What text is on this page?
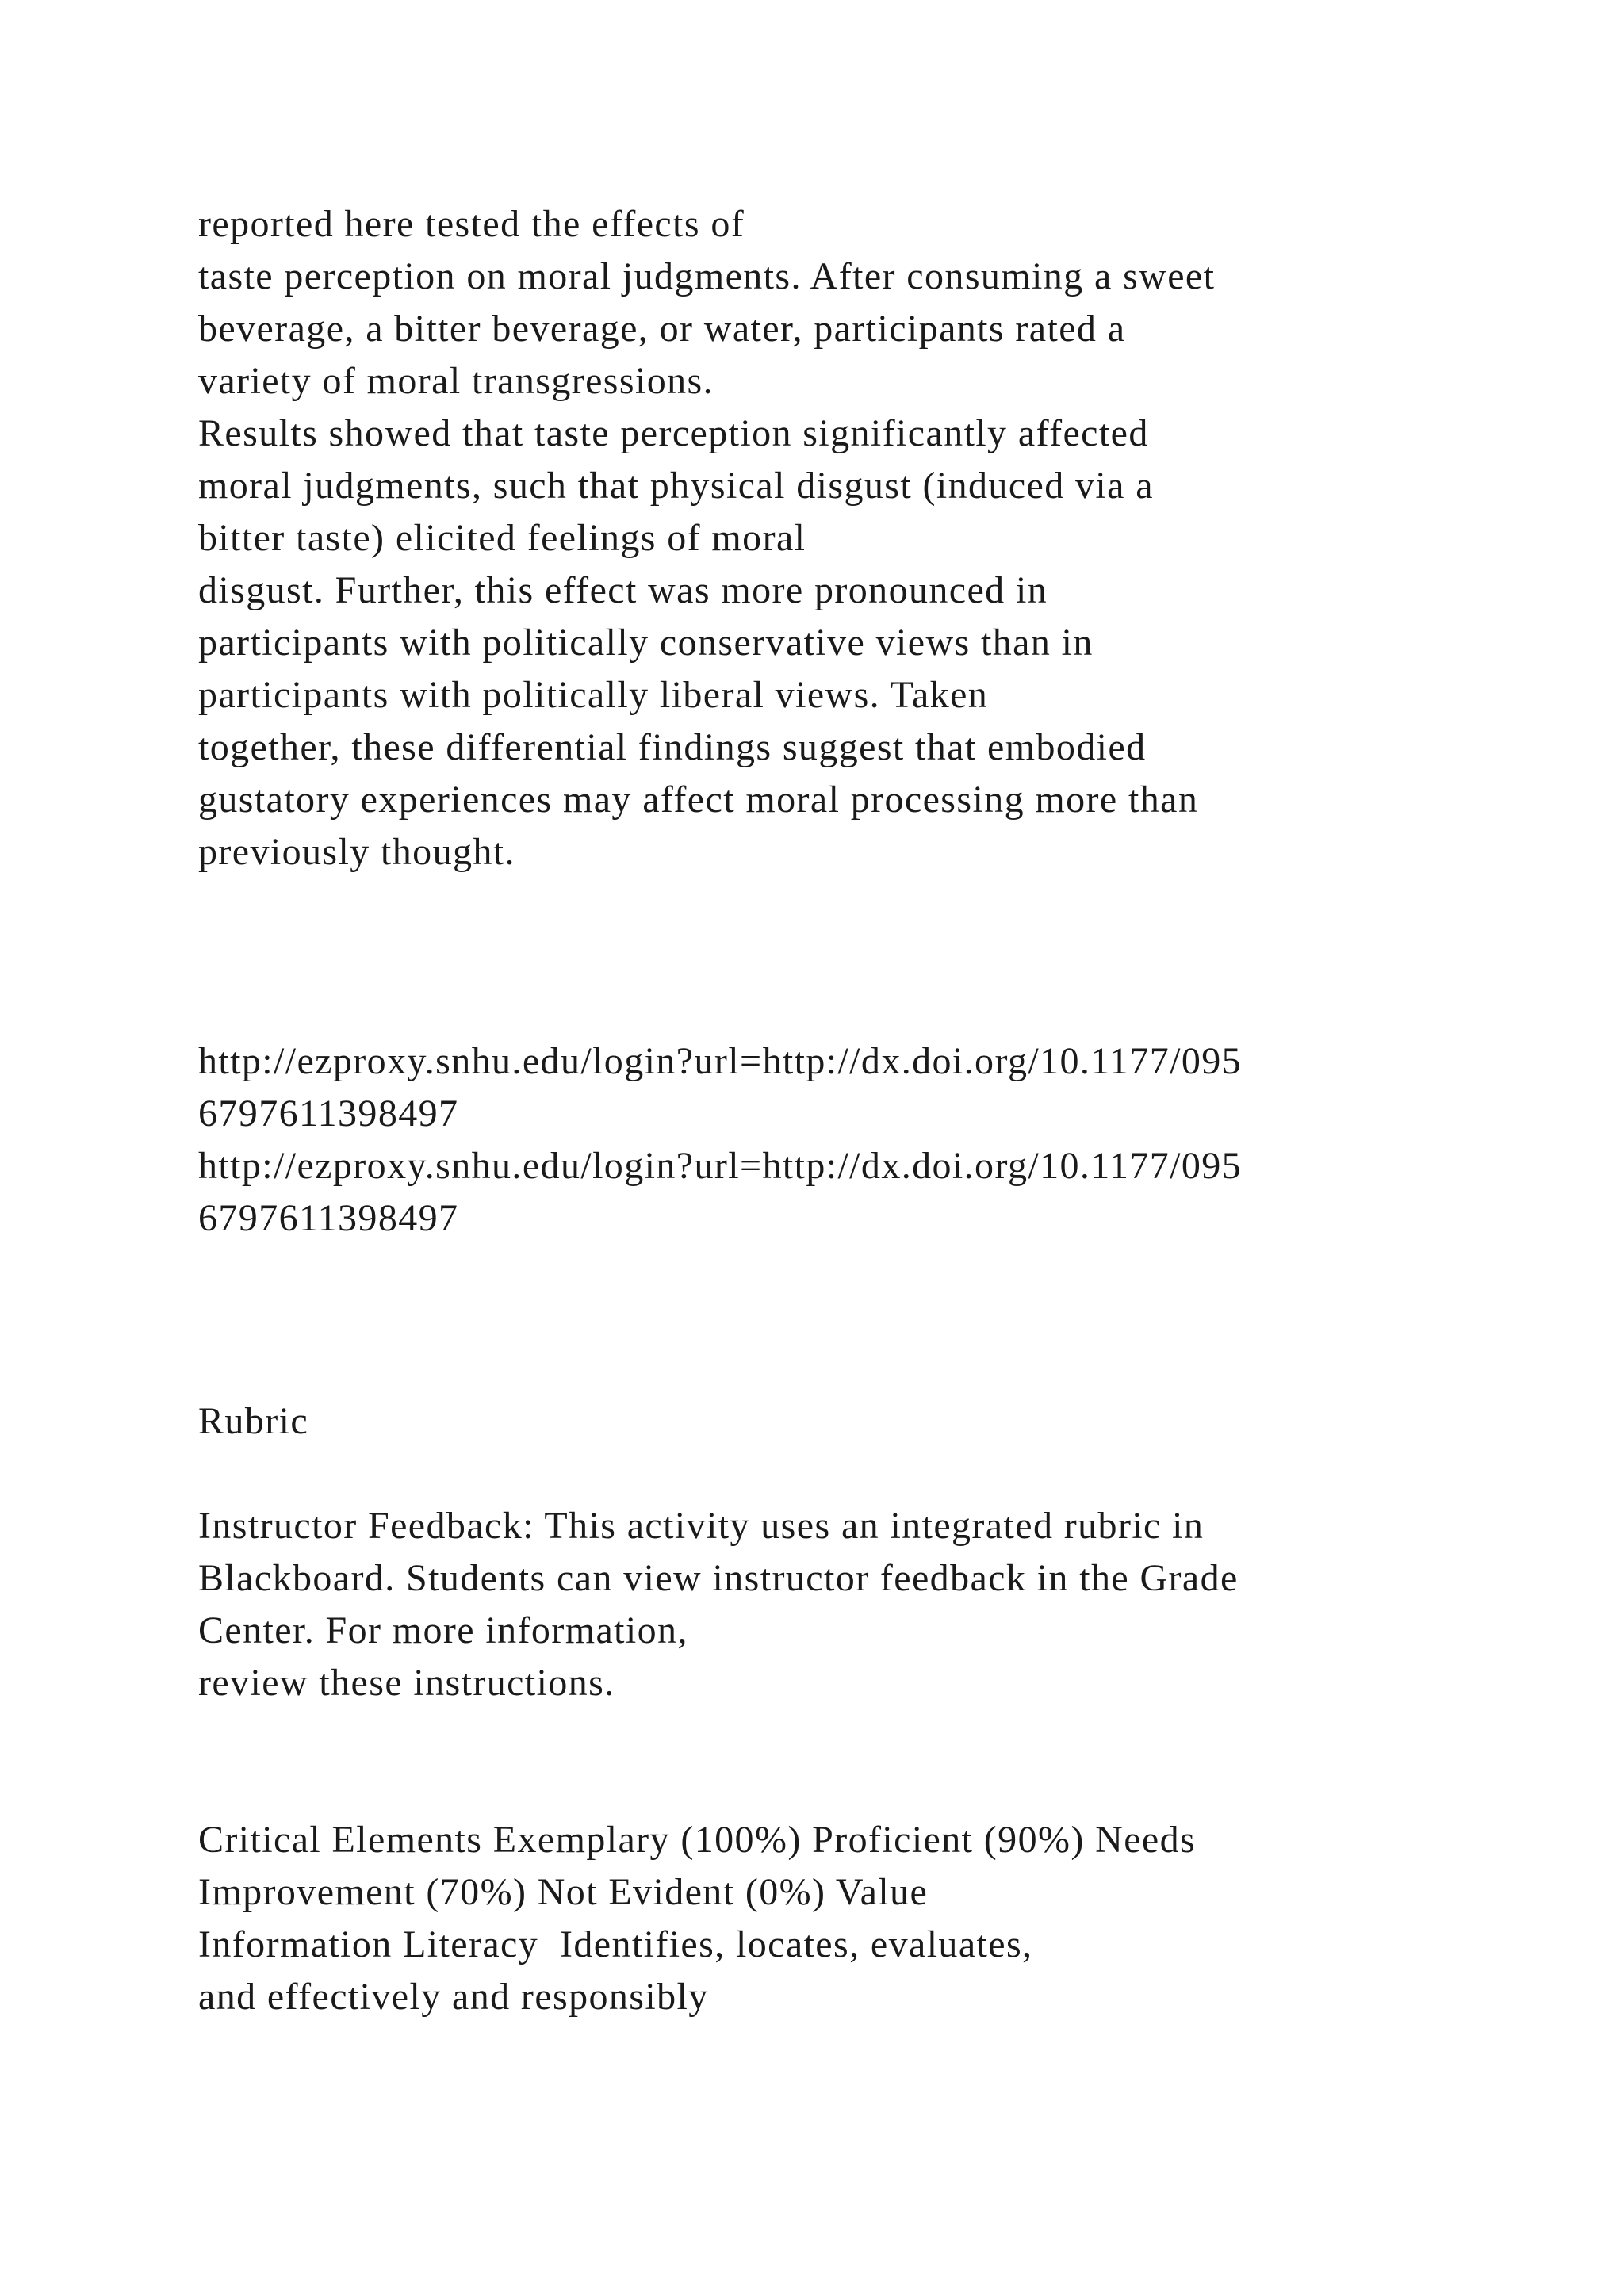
reported here tested the effects of
taste perception on moral judgments. After consuming a sweet
beverage, a bitter beverage, or water, participants rated a
variety of moral transgressions.
Results showed that taste perception significantly affected
moral judgments, such that physical disgust (induced via a
bitter taste) elicited feelings of moral
disgust. Further, this effect was more pronounced in
participants with politically conservative views than in
participants with politically liberal views. Taken
together, these differential findings suggest that embodied
gustatory experiences may affect moral processing more than
previously thought.
http://ezproxy.snhu.edu/login?url=http://dx.doi.org/10.1177/095
6797611398497
http://ezproxy.snhu.edu/login?url=http://dx.doi.org/10.1177/095
6797611398497
Rubric
Instructor Feedback: This activity uses an integrated rubric in
Blackboard. Students can view instructor feedback in the Grade
Center. For more information,
review these instructions.
Critical Elements Exemplary (100%) Proficient (90%) Needs
Improvement (70%) Not Evident (0%) Value
Information Literacy  Identifies, locates, evaluates,
and effectively and responsibly
